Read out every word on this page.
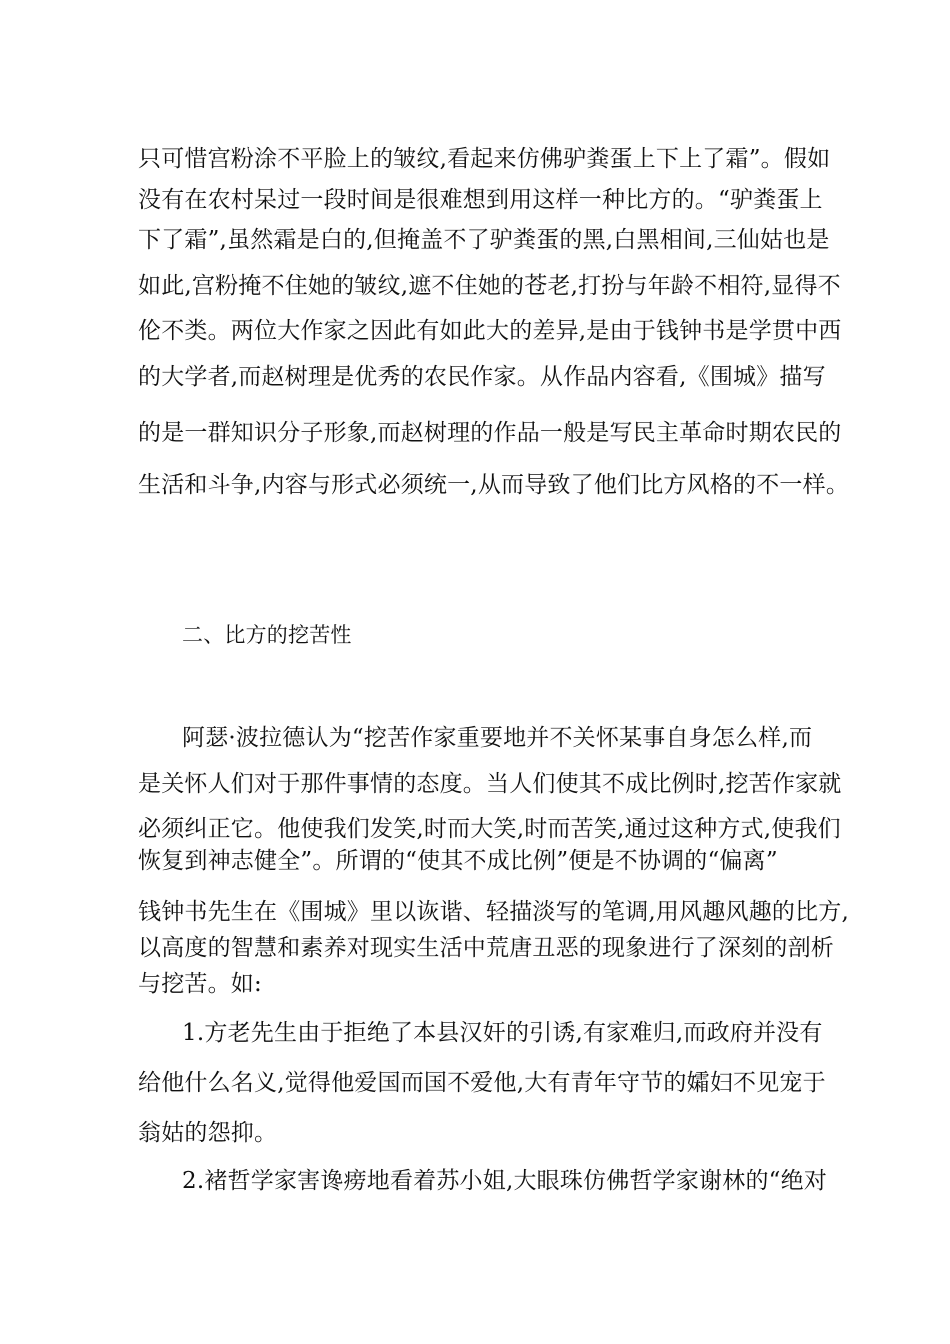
只可惜宫粉涂不平脸上的皱纹,看起来仿佛驴粪蛋上下上了霜”。假如
没有在农村呆过一段时间是很难想到用这样一种比方的。“驴粪蛋上
下了霜”,虽然霜是白的,但掩盖不了驴粪蛋的黑,白黑相间,三仙姑也是
如此,宫粉掩不住她的皱纹,遮不住她的苍老,打扮与年龄不相符,显得不
伦不类。两位大作家之因此有如此大的差异,是由于钱钟书是学贯中西
的大学者,而赵树理是优秀的农民作家。从作品内容看,《围城》描写
的是一群知识分子形象,而赵树理的作品一般是写民主革命时期农民的
生活和斗争,内容与形式必须统一,从而导致了他们比方风格的不一样。
二、比方的挖苦性
阿瑟·波拉德认为“挖苦作家重要地并不关怀某事自身怎么样,而
是关怀人们对于那件事情的态度。当人们使其不成比例时,挖苦作家就
必须纠正它。他使我们发笑,时而大笑,时而苦笑,通过这种方式,使我们
恢复到神志健全”。所谓的“使其不成比例”便是不协调的“偏离”
钱钟书先生在《围城》里以诙谐、轻描淡写的笔调,用风趣风趣的比方,
以高度的智慧和素养对现实生活中荒唐丑恶的现象进行了深刻的剖析
与挖苦。如:
1.方老先生由于拒绝了本县汉奸的引诱,有家难归,而政府并没有
给他什么名义,觉得他爱国而国不爱他,大有青年守节的孀妇不见宠于
翁姑的怨抑。
2.褚哲学家害谗痨地看着苏小姐,大眼珠仿佛哲学家谢林的“绝对
